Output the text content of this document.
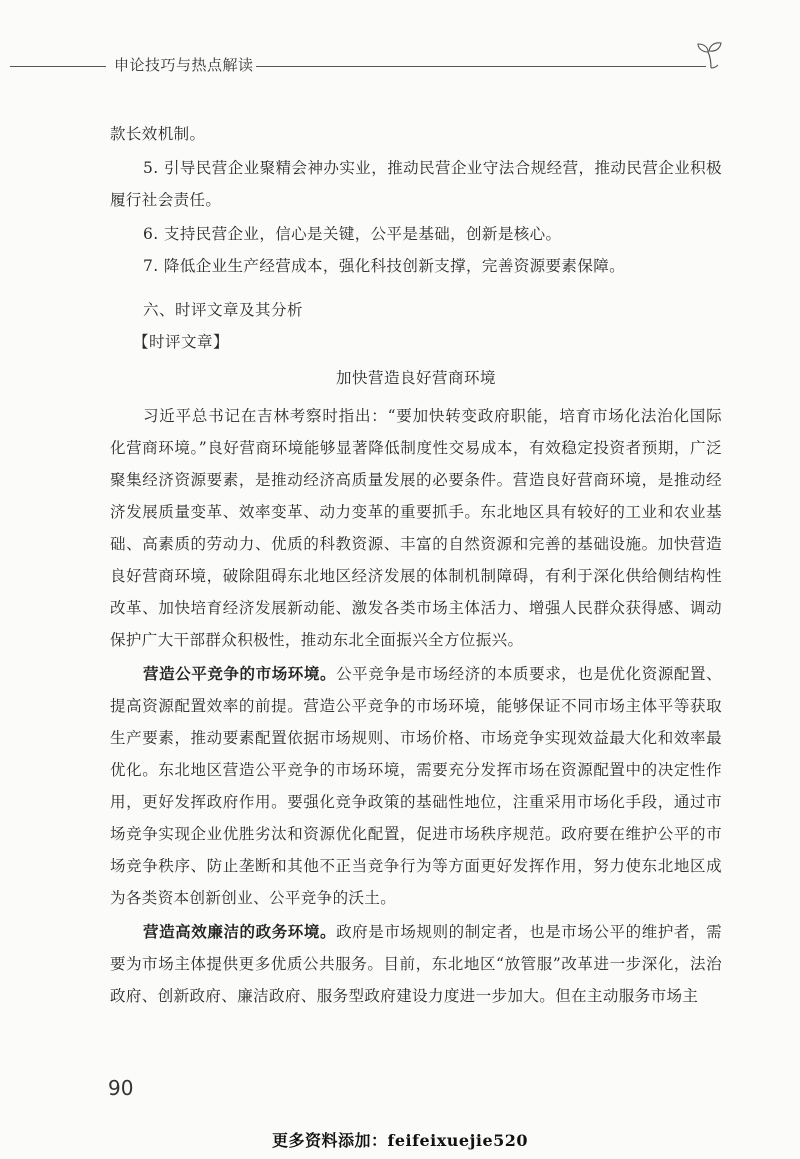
申论技巧与热点解读

款长效机制。

5. 引导民营企业聚精会神办实业，推动民营企业守法合规经营，推动民营企业积极履行社会责任。

6. 支持民营企业，信心是关键，公平是基础，创新是核心。

7. 降低企业生产经营成本，强化科技创新支撑，完善资源要素保障。

六、时评文章及其分析
【时评文章】
加快营造良好营商环境

习近平总书记在吉林考察时指出：“要加快转变政府职能，培育市场化法治化国际化营商环境。”良好营商环境能够显著降低制度性交易成本，有效稳定投资者预期，广泛聚集经济资源要素，是推动经济高质量发展的必要条件。营造良好营商环境，是推动经济发展质量变革、效率变革、动力变革的重要抓手。东北地区具有较好的工业和农业基础、高素质的劳动力、优质的科教资源、丰富的自然资源和完善的基础设施。加快营造良好营商环境，破除阻碍东北地区经济发展的体制机制障碍，有利于深化供给侧结构性改革、加快培育经济发展新动能、激发各类市场主体活力、增强人民群众获得感、调动保护广大干部群众积极性，推动东北全面振兴全方位振兴。

营造公平竞争的市场环境。公平竞争是市场经济的本质要求，也是优化资源配置、提高资源配置效率的前提。营造公平竞争的市场环境，能够保证不同市场主体平等获取生产要素，推动要素配置依据市场规则、市场价格、市场竞争实现效益最大化和效率最优化。东北地区营造公平竞争的市场环境，需要充分发挥市场在资源配置中的决定性作用，更好发挥政府作用。要强化竞争政策的基础性地位，注重采用市场化手段，通过市场竞争实现企业优胜劣汰和资源优化配置，促进市场秩序规范。政府要在维护公平的市场竞争秩序、防止垄断和其他不正当竞争行为等方面更好发挥作用，努力使东北地区成为各类资本创新创业、公平竞争的沃土。

营造高效廉洁的政务环境。政府是市场规则的制定者，也是市场公平的维护者，需要为市场主体提供更多优质公共服务。目前，东北地区“放管服”改革进一步深化，法治政府、创新政府、廉洁政府、服务型政府建设力度进一步加大。但在主动服务市场主

90
更多资料添加：feifeixuejie520
